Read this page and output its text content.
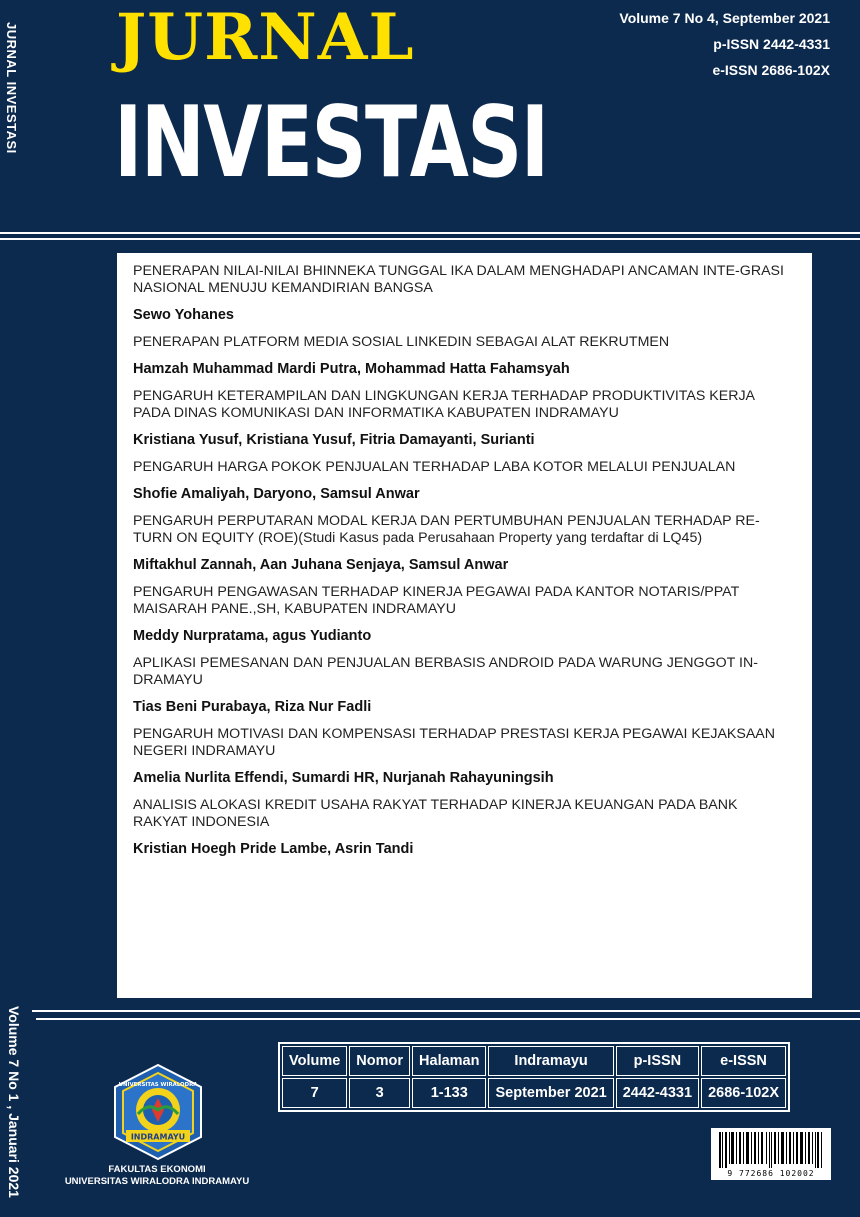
JURNAL INVESTASI JURNAL
INVESTASI
Volume 7 No 4, September 2021
p-ISSN 2442-4331
e-ISSN 2686-102X
PENERAPAN NILAI-NILAI BHINNEKA TUNGGAL IKA DALAM MENGHADAPI ANCAMAN INTE-GRASI NASIONAL MENUJU KEMANDIRIAN BANGSA
Sewo Yohanes
PENERAPAN PLATFORM MEDIA SOSIAL LINKEDIN SEBAGAI ALAT REKRUTMEN
Hamzah Muhammad Mardi Putra, Mohammad Hatta Fahamsyah
PENGARUH KETERAMPILAN DAN LINGKUNGAN KERJA TERHADAP PRODUKTIVITAS KERJA PADA DINAS KOMUNIKASI DAN INFORMATIKA KABUPATEN INDRAMAYU
Kristiana Yusuf, Kristiana Yusuf, Fitria Damayanti, Surianti
PENGARUH HARGA POKOK PENJUALAN TERHADAP LABA KOTOR MELALUI PENJUALAN
Shofie Amaliyah, Daryono, Samsul Anwar
PENGARUH PERPUTARAN MODAL KERJA DAN PERTUMBUHAN PENJUALAN TERHADAP RE-TURN ON EQUITY (ROE)(Studi Kasus pada Perusahaan Property yang terdaftar di LQ45)
Miftakhul Zannah, Aan Juhana Senjaya, Samsul Anwar
PENGARUH PENGAWASAN TERHADAP KINERJA PEGAWAI PADA KANTOR NOTARIS/PPAT MAISARAH PANE.,SH, KABUPATEN INDRAMAYU
Meddy Nurpratama, agus Yudianto
APLIKASI PEMESANAN DAN PENJUALAN BERBASIS ANDROID PADA WARUNG JENGGOT IN-DRAMAYU
Tias Beni Purabaya, Riza Nur Fadli
PENGARUH MOTIVASI DAN KOMPENSASI TERHADAP PRESTASI KERJA PEGAWAI KEJAKSAAN NEGERI INDRAMAYU
Amelia Nurlita Effendi, Sumardi HR, Nurjanah Rahayuningsih
ANALISIS ALOKASI KREDIT USAHA RAKYAT TERHADAP KINERJA KEUANGAN PADA BANK RAKYAT INDONESIA
Kristian Hoegh Pride Lambe, Asrin Tandi
Volume 7 No 1 , Januari 2021	Volume	Nomor	Halaman	Indramayu	p-ISSN	e-ISSN
7	3	1-133	September 2021	2442-4331	2686-102X
INDRAMAYU
UNIVERSITAS WIRALODRA
FAKULTAS EKONOMI
UNIVERSITAS WIRALODRA INDRAMAYU
9 772686 102002
